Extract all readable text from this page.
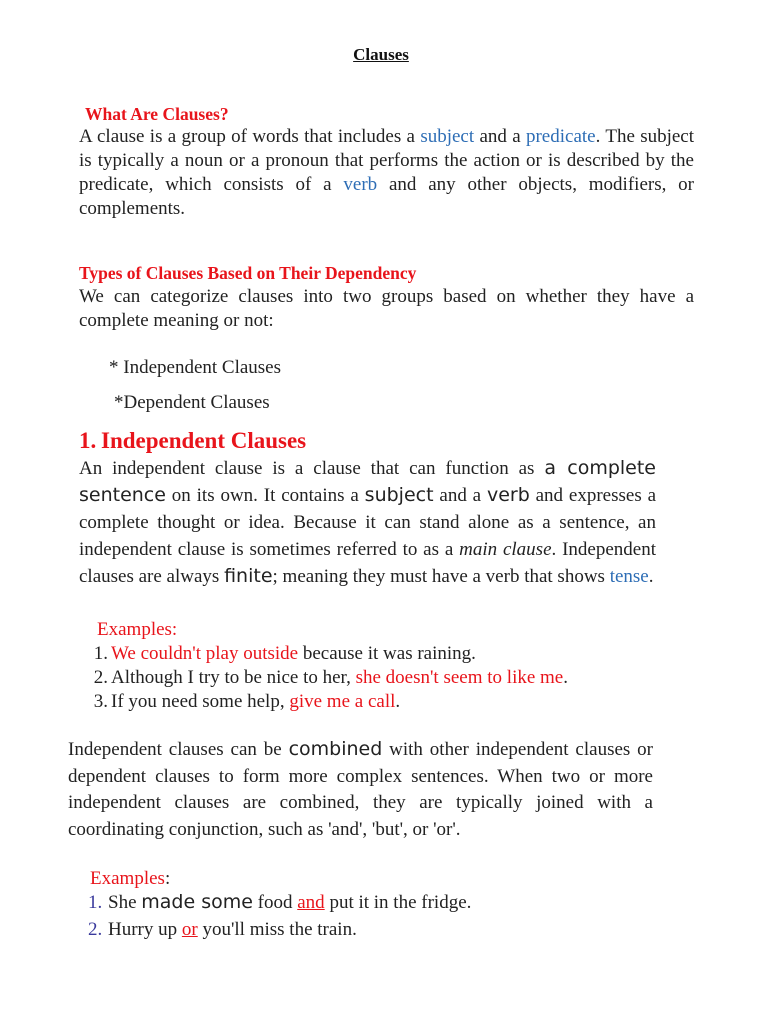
Clauses
What Are Clauses?
A clause is a group of words that includes a subject and a predicate. The subject is typically a noun or a pronoun that performs the action or is described by the predicate, which consists of a verb and any other objects, modifiers, or complements.
Types of Clauses Based on Their Dependency
We can categorize clauses into two groups based on whether they have a complete meaning or not:
* Independent Clauses
*Dependent Clauses
1. Independent Clauses
An independent clause is a clause that can function as a complete sentence on its own. It contains a subject and a verb and expresses a complete thought or idea. Because it can stand alone as a sentence, an independent clause is sometimes referred to as a main clause. Independent clauses are always finite; meaning they must have a verb that shows tense.
Examples:
1. We couldn't play outside because it was raining.
2. Although I try to be nice to her, she doesn't seem to like me.
3. If you need some help, give me a call.
Independent clauses can be combined with other independent clauses or dependent clauses to form more complex sentences. When two or more independent clauses are combined, they are typically joined with a coordinating conjunction, such as 'and', 'but', or 'or'.
Examples:
1. She made some food and put it in the fridge.
2. Hurry up or you'll miss the train.
